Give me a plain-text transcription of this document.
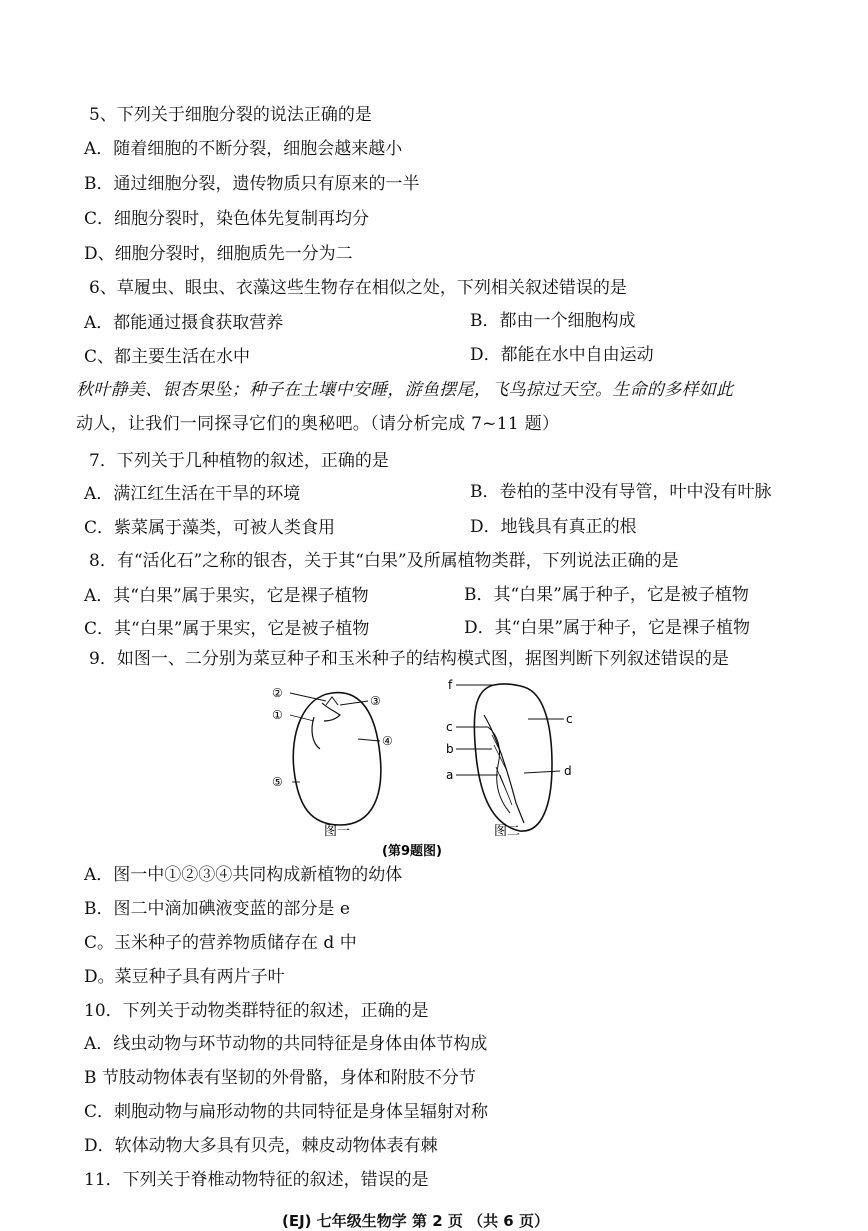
5、下列关于细胞分裂的说法正确的是
A．随着细胞的不断分裂，细胞会越来越小
B．通过细胞分裂，遗传物质只有原来的一半
C．细胞分裂时，染色体先复制再均分
D、细胞分裂时，细胞质先一分为二
6、草履虫、眼虫、衣藻这些生物存在相似之处，下列相关叙述错误的是
A．都能通过摄食获取营养	B．都由一个细胞构成
C、都主要生活在水中	D．都能在水中自由运动
秋叶静美、银杏果坠；种子在土壤中安睡，游鱼摆尾，飞鸟掠过天空。生命的多样如此
动人，让我们一同探寻它们的奥秘吧。（请分析完成 7~11 题）
7．下列关于几种植物的叙述，正确的是
A．满江红生活在干旱的环境	B．卷柏的茎中没有导管，叶中没有叶脉
C．紫菜属于藻类，可被人类食用	D．地钱具有真正的根
8．有“活化石”之称的银杏，关于其“白果”及所属植物类群，下列说法正确的是
A．其“白果”属于果实，它是裸子植物	B．其“白果”属于种子，它是被子植物
C．其“白果”属于果实，它是被子植物	D．其“白果”属于种子，它是裸子植物
9．如图一、二分别为菜豆种子和玉米种子的结构模式图，据图判断下列叙述错误的是
②
①
⑤
③
④
f
c
b
a
c
d
图一	图二
(第9题图)
A．图一中①②③④共同构成新植物的幼体
B．图二中滴加碘液变蓝的部分是 e
C。玉米种子的营养物质储存在 d 中
D。菜豆种子具有两片子叶
10．下列关于动物类群特征的叙述，正确的是
A．线虫动物与环节动物的共同特征是身体由体节构成
B 节肢动物体表有坚韧的外骨骼，身体和附肢不分节
C．刺胞动物与扁形动物的共同特征是身体呈辐射对称
D．软体动物大多具有贝壳，棘皮动物体表有棘
11．下列关于脊椎动物特征的叙述，错误的是
(EJ) 七年级生物学 第 2 页 （共 6 页）
